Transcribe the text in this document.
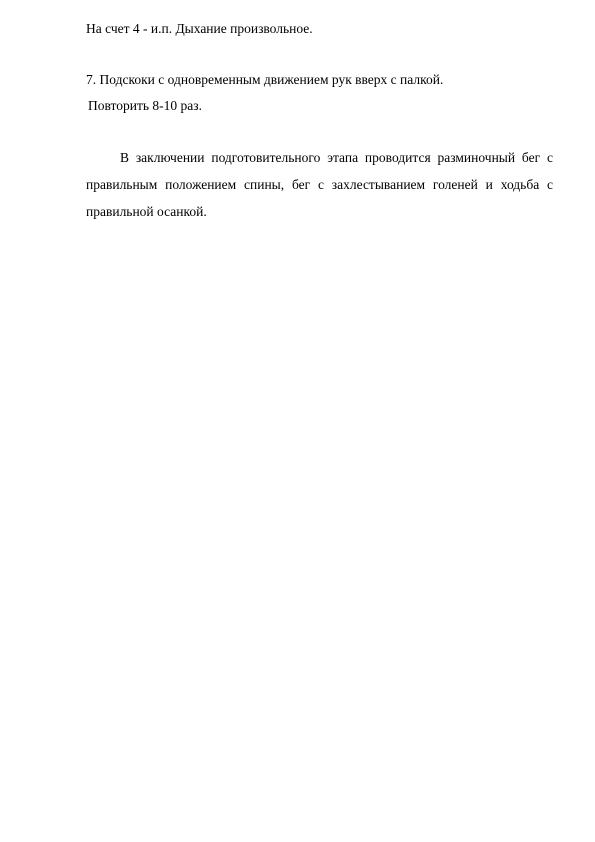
На счет 4 - и.п. Дыхание произвольное.
7. Подскоки с одновременным движением рук вверх с палкой.
Повторить 8-10 раз.
В заключении подготовительного этапа проводится разминочный бег с
правильным положением спины, бег с захлестыванием голеней и ходьба с
правильной осанкой.
